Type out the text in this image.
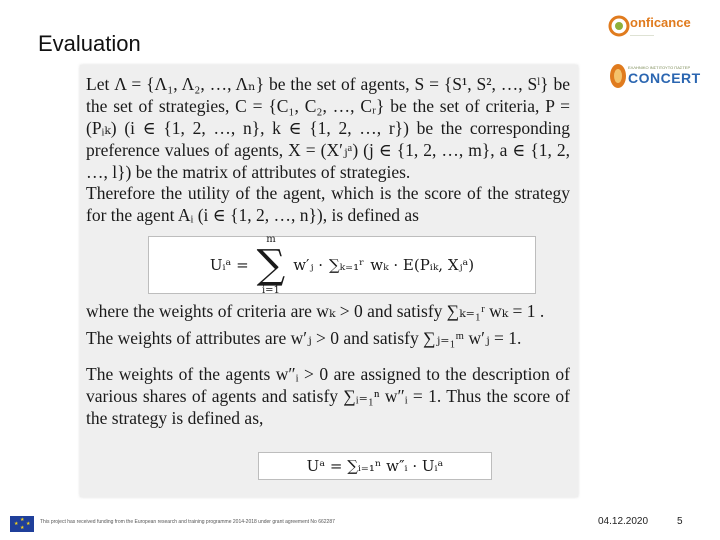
Evaluation
onficance
——————
ΕΛΛΗΝΙΚΟ ΙΝΣΤΙΤΟΥΤΟ ΠΑΣΤΕΡ
CONCERT
Let Λ = {Λ₁, Λ₂, …, Λₙ} be the set of agents, S = {S¹, S², …, Sˡ} be the set of strategies, C = {C₁, C₂, …, Cᵣ} be the set of criteria, P = (Pᵢₖ) (i ∈ {1, 2, …, n}, k ∈ {1, 2, …, r}) be the corresponding preference values of agents, X = (X′ⱼᵃ) (j ∈ {1, 2, …, m}, a ∈ {1, 2, …, l}) be the matrix of attributes of strategies.
Therefore the utility of the agent, which is the score of the strategy for the agent Aᵢ (i ∈ {1, 2, …, n}), is defined as
Uᵢᵃ =
m
∑
i=1
w′ⱼ · ∑ₖ₌₁ʳ wₖ · E(Pᵢₖ, Xⱼᵃ)
where the weights of criteria are wₖ > 0 and satisfy ∑ₖ₌₁ʳ wₖ = 1 .
The weights of attributes are w′ⱼ > 0 and satisfy ∑ⱼ₌₁ᵐ w′ⱼ = 1.
The weights of the agents w″ᵢ > 0 are assigned to the description of various shares of agents and satisfy ∑ᵢ₌₁ⁿ w″ᵢ = 1. Thus the score of the strategy is defined as,
Uᵃ = ∑ᵢ₌₁ⁿ w″ᵢ · Uᵢᵃ
★
★ ★
★
This project has received funding from the European research and training programme 2014-2018 under grant agreement No 662287	04.12.2020	5
